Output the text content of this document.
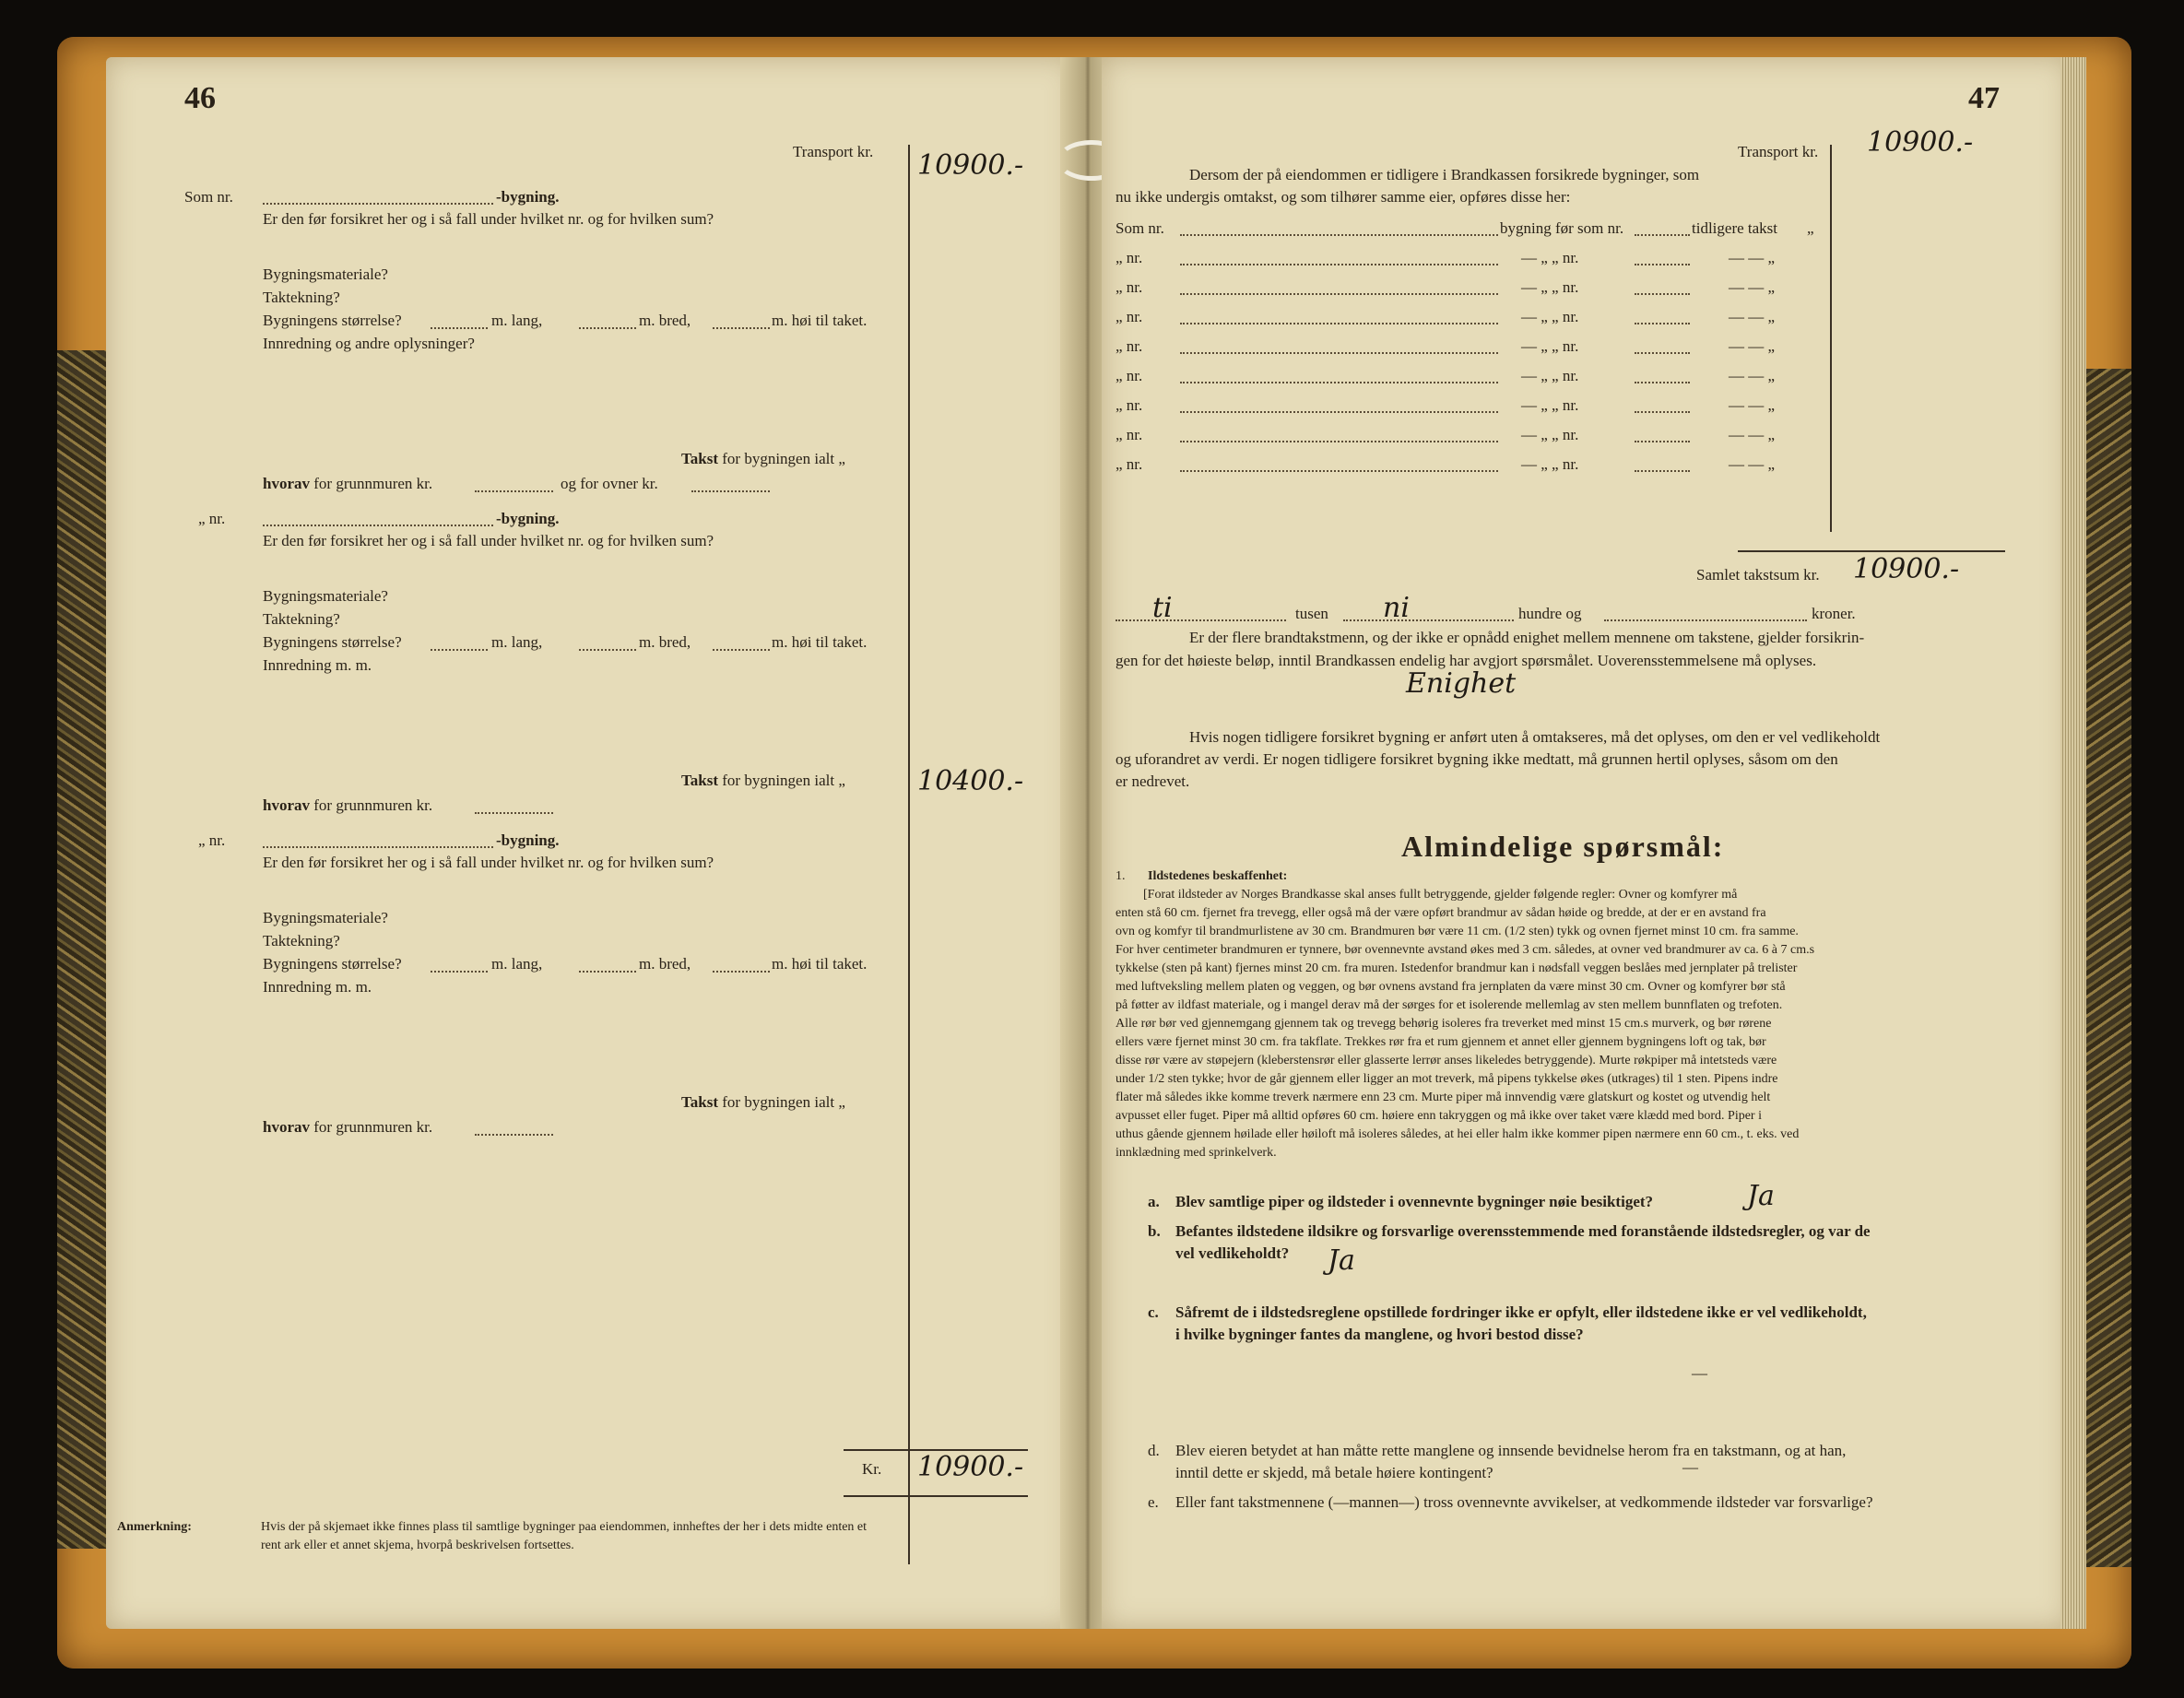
46
Transport kr. 10900.-
Som nr.	-bygning.
Er den før forsikret her og i så fall under hvilket nr. og for hvilken sum?
Bygningsmateriale?
Taktekning?
Bygningens størrelse?	m. lang,	m. bred,	m. høi til taket.
Innredning og andre oplysninger?
Takst for bygningen ialt „
hvorav for grunnmuren kr.	og for ovner kr.
„ nr.	-bygning.
Er den før forsikret her og i så fall under hvilket nr. og for hvilken sum?
Bygningsmateriale?
Taktekning?
Bygningens størrelse?	m. lang,	m. bred,	m. høi til taket.
Innredning m. m.
Takst for bygningen ialt „	10400.-
hvorav for grunnmuren kr.
„ nr.	-bygning.
Er den før forsikret her og i så fall under hvilket nr. og for hvilken sum?
Bygningsmateriale?
Taktekning?
Bygningens størrelse?	m. lang,	m. bred,	m. høi til taket.
Innredning m. m.
Takst for bygningen ialt „
hvorav for grunnmuren kr.
Kr. 10900.-
Anmerkning:	Hvis der på skjemaet ikke finnes plass til samtlige bygninger paa eiendommen, innheftes der her i dets midte enten et
rent ark eller et annet skjema, hvorpå beskrivelsen fortsettes.
47
Transport kr. 10900.-
Dersom der på eiendommen er tidligere i Brandkassen forsikrede bygninger, som
nu ikke undergis omtakst, og som tilhører samme eier, opføres disse her:
Som nr.	bygning før som nr.	tidligere takst „
Samlet takstsum kr. 10900.-
ti	tusen ni	hundre og	kroner.
Er der flere brandtakstmenn, og der ikke er opnådd enighet mellem mennene om takstene, gjelder forsikrin-
gen for det høieste beløp, inntil Brandkassen endelig har avgjort spørsmålet. Uoverensstemmelsene må oplyses.
Enighet
Hvis nogen tidligere forsikret bygning er anført uten å omtakseres, må det oplyses, om den er vel vedlikeholdt
og uforandret av verdi. Er nogen tidligere forsikret bygning ikke medtatt, må grunnen hertil oplyses, såsom om den
er nedrevet.
Almindelige spørsmål:
1. Ildstedenes beskaffenhet:
[Forat ildsteder av Norges Brandkasse skal anses fullt betryggende, gjelder følgende regler: Ovner og komfyrer må
enten stå 60 cm. fjernet fra trevegg, eller også må der være opført brandmur av sådan høide og bredde, at der er en avstand fra
ovn og komfyr til brandmurlistene av 30 cm. Brandmuren bør være 11 cm. (1/2 sten) tykk og ovnen fjernet minst 10 cm. fra samme.
For hver centimeter brandmuren er tynnere, bør ovennevnte avstand økes med 3 cm. således, at ovner ved brandmurer av ca. 6 à 7 cm.s
tykkelse (sten på kant) fjernes minst 20 cm. fra muren. Istedenfor brandmur kan i nødsfall veggen beslåes med jernplater på trelister
med luftveksling mellem platen og veggen, og bør ovnens avstand fra jernplaten da være minst 30 cm. Ovner og komfyrer bør stå
på føtter av ildfast materiale, og i mangel derav må der sørges for et isolerende mellemlag av sten mellem bunnflaten og trefoten.
Alle rør bør ved gjennemgang gjennem tak og trevegg behørig isoleres fra treverket med minst 15 cm.s murverk, og bør rørene
ellers være fjernet minst 30 cm. fra takflate. Trekkes rør fra et rum gjennem et annet eller gjennem bygningens loft og tak, bør
disse rør være av støpejern (kleberstensrør eller glasserte lerrør anses likeledes betryggende). Murte røkpiper må intetsteds være
under 1/2 sten tykke; hvor de går gjennem eller ligger an mot treverk, må pipens tykkelse økes (utkrages) til 1 sten. Pipens indre
flater må således ikke komme treverk nærmere enn 23 cm. Murte piper må innvendig være glatskurt og kostet og utvendig helt
avpusset eller fuget. Piper må alltid opføres 60 cm. høiere enn takryggen og må ikke over taket være klædd med bord. Piper i
uthus gående gjennem høilade eller høiloft må isoleres således, at hei eller halm ikke kommer pipen nærmere enn 60 cm., t. eks. ved
innklædning med sprinkelverk.
a. Blev samtlige piper og ildsteder i ovennevnte bygninger nøie besiktiget?	Ja
b. Befantes ildstedene ildsikre og forsvarlige overensstemmende med foranstående ildstedsregler, og var de
vel vedlikeholdt? Ja
c. Såfremt de i ildstedsreglene opstillede fordringer ikke er opfylt, eller ildstedene ikke er vel vedlikeholdt,
i hvilke bygninger fantes da manglene, og hvori bestod disse?
—
d. Blev eieren betydet at han måtte rette manglene og innsende bevidnelse herom fra en takstmann, og at han,
inntil dette er skjedd, må betale høiere kontingent?	—
e. Eller fant takstmennene (—mannen—) tross ovennevnte avvikelser, at vedkommende ildsteder var forsvarlige?
„ nr.	— „ „ nr.	— — „
„ nr.	— „ „ nr.	— — „
„ nr.	— „ „ nr.	— — „
„ nr.	— „ „ nr.	— — „
„ nr.	— „ „ nr.	— — „
„ nr.	— „ „ nr.	— — „
„ nr.	— „ „ nr.	— — „
„ nr.	— „ „ nr.	— — „
